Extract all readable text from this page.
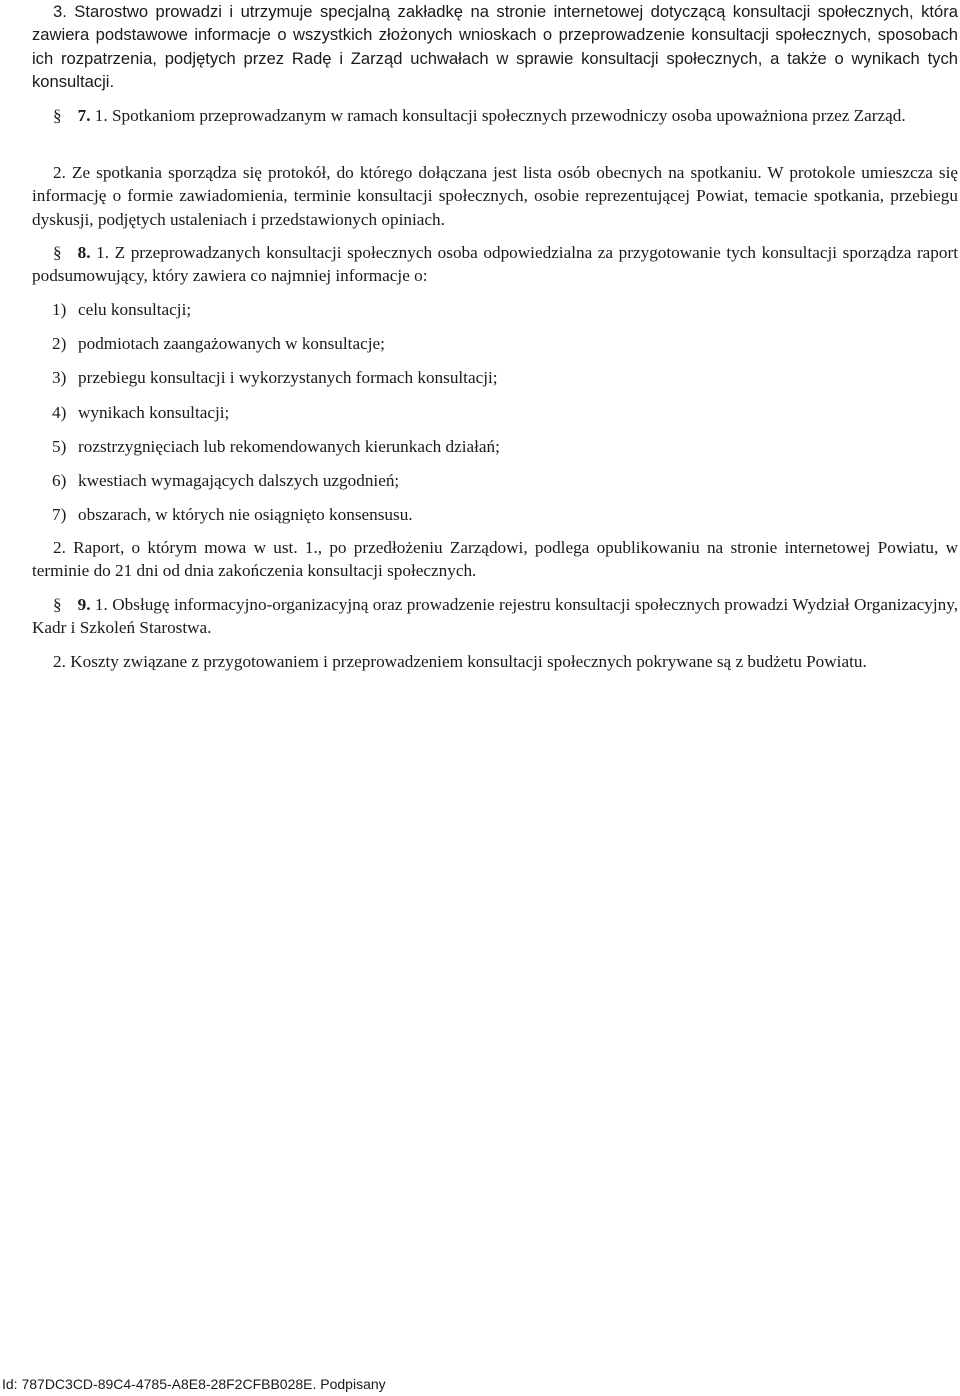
3. Starostwo prowadzi i utrzymuje specjalną zakładkę na stronie internetowej dotyczącą konsultacji społecznych, która zawiera podstawowe informacje o wszystkich złożonych wnioskach o przeprowadzenie konsultacji społecznych, sposobach ich rozpatrzenia, podjętych przez Radę i Zarząd uchwałach w sprawie konsultacji społecznych, a także o wynikach tych konsultacji.

§ 7. 1. Spotkaniom przeprowadzanym w ramach konsultacji społecznych przewodniczy osoba upoważniona przez Zarząd.

2. Ze spotkania sporządza się protokół, do którego dołączana jest lista osób obecnych na spotkaniu. W protokole umieszcza się informację o formie zawiadomienia, terminie konsultacji społecznych, osobie reprezentującej Powiat, temacie spotkania, przebiegu dyskusji, podjętych ustaleniach i przedstawionych opiniach.

§ 8. 1. Z przeprowadzanych konsultacji społecznych osoba odpowiedzialna za przygotowanie tych konsultacji sporządza raport podsumowujący, który zawiera co najmniej informacje o:

1) celu konsultacji;
2) podmiotach zaangażowanych w konsultacje;
3) przebiegu konsultacji i wykorzystanych formach konsultacji;
4) wynikach konsultacji;
5) rozstrzygnięciach lub rekomendowanych kierunkach działań;
6) kwestiach wymagających dalszych uzgodnień;
7) obszarach, w których nie osiągnięto konsensusu.

2. Raport, o którym mowa w ust. 1., po przedłożeniu Zarządowi, podlega opublikowaniu na stronie internetowej Powiatu, w terminie do 21 dni od dnia zakończenia konsultacji społecznych.

§ 9. 1. Obsługę informacyjno-organizacyjną oraz prowadzenie rejestru konsultacji społecznych prowadzi Wydział Organizacyjny, Kadr i Szkoleń Starostwa.

2. Koszty związane z przygotowaniem i przeprowadzeniem konsultacji społecznych pokrywane są z budżetu Powiatu.

Id: 787DC3CD-89C4-4785-A8E8-28F2CFBB028E. Podpisany
